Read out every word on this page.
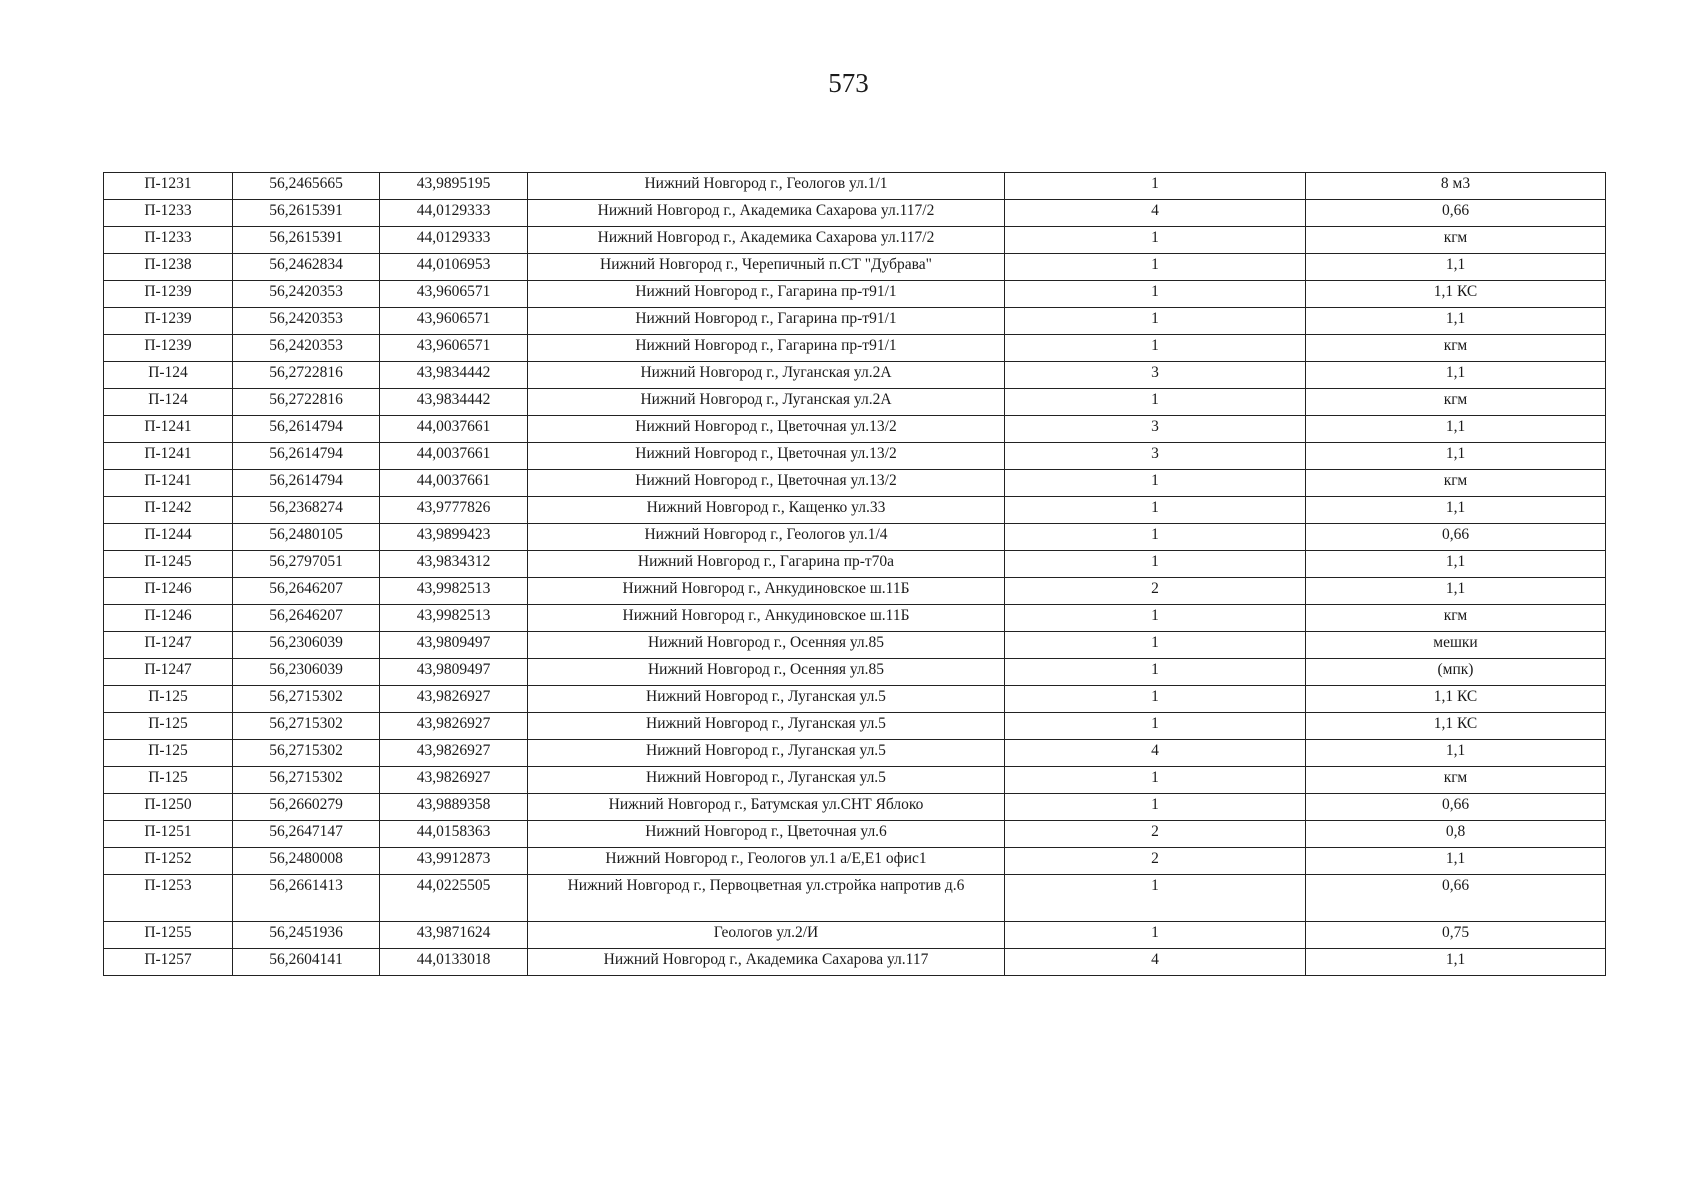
573
П-1231	56,2465665	43,9895195	Нижний Новгород г., Геологов ул.1/1	1	8 м3
П-1233	56,2615391	44,0129333	Нижний Новгород г., Академика Сахарова ул.117/2	4	0,66
П-1233	56,2615391	44,0129333	Нижний Новгород г., Академика Сахарова ул.117/2	1	кгм
П-1238	56,2462834	44,0106953	Нижний Новгород г., Черепичный п.СТ "Дубрава"	1	1,1
П-1239	56,2420353	43,9606571	Нижний Новгород г., Гагарина пр-т91/1	1	1,1 КС
П-1239	56,2420353	43,9606571	Нижний Новгород г., Гагарина пр-т91/1	1	1,1
П-1239	56,2420353	43,9606571	Нижний Новгород г., Гагарина пр-т91/1	1	кгм
П-124	56,2722816	43,9834442	Нижний Новгород г., Луганская ул.2А	3	1,1
П-124	56,2722816	43,9834442	Нижний Новгород г., Луганская ул.2А	1	кгм
П-1241	56,2614794	44,0037661	Нижний Новгород г., Цветочная ул.13/2	3	1,1
П-1241	56,2614794	44,0037661	Нижний Новгород г., Цветочная ул.13/2	3	1,1
П-1241	56,2614794	44,0037661	Нижний Новгород г., Цветочная ул.13/2	1	кгм
П-1242	56,2368274	43,9777826	Нижний Новгород г., Кащенко ул.33	1	1,1
П-1244	56,2480105	43,9899423	Нижний Новгород г., Геологов ул.1/4	1	0,66
П-1245	56,2797051	43,9834312	Нижний Новгород г., Гагарина пр-т70а	1	1,1
П-1246	56,2646207	43,9982513	Нижний Новгород г., Анкудиновское ш.11Б	2	1,1
П-1246	56,2646207	43,9982513	Нижний Новгород г., Анкудиновское ш.11Б	1	кгм
П-1247	56,2306039	43,9809497	Нижний Новгород г., Осенняя ул.85	1	мешки
П-1247	56,2306039	43,9809497	Нижний Новгород г., Осенняя ул.85	1	(мпк)
П-125	56,2715302	43,9826927	Нижний Новгород г., Луганская ул.5	1	1,1 КС
П-125	56,2715302	43,9826927	Нижний Новгород г., Луганская ул.5	1	1,1 КС
П-125	56,2715302	43,9826927	Нижний Новгород г., Луганская ул.5	4	1,1
П-125	56,2715302	43,9826927	Нижний Новгород г., Луганская ул.5	1	кгм
П-1250	56,2660279	43,9889358	Нижний Новгород г., Батумская ул.СНТ Яблоко	1	0,66
П-1251	56,2647147	44,0158363	Нижний Новгород г., Цветочная ул.6	2	0,8
П-1252	56,2480008	43,9912873	Нижний Новгород г., Геологов ул.1 а/Е,Е1 офис1	2	1,1
П-1253	56,2661413	44,0225505	Нижний Новгород г., Первоцветная ул.стройка напротив д.6	1	0,66
П-1255	56,2451936	43,9871624	Геологов ул.2/И	1	0,75
П-1257	56,2604141	44,0133018	Нижний Новгород г., Академика Сахарова ул.117	4	1,1
